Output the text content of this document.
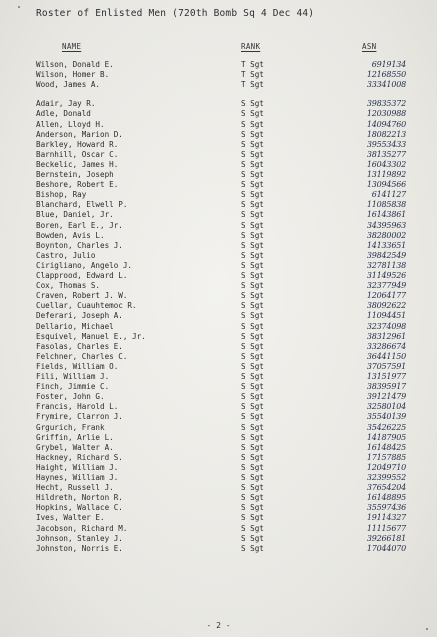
Roster of Enlisted Men (720th Bomb Sq 4 Dec 44)
NAME	RANK	ASN
Wilson, Donald E.	T Sgt	6919134
Wilson, Homer B.	T Sgt	12168550
Wood, James A.	T Sgt	33341008
Adair, Jay R.	S Sgt	39835372
Adle, Donald	S Sgt	12030988
Allen, Lloyd H.	S Sgt	14094760
Anderson, Marion D.	S Sgt	18082213
Barkley, Howard R.	S Sgt	39553433
Barnhill, Oscar C.	S Sgt	38135277
Beckelic, James H.	S Sgt	16043302
Bernstein, Joseph	S Sgt	13119892
Beshore, Robert E.	S Sgt	13094566
Bishop, Ray	S Sgt	6141127
Blanchard, Elwell P.	S Sgt	11085838
Blue, Daniel, Jr.	S Sgt	16143861
Boren, Earl E., Jr.	S Sgt	34395963
Bowden, Avis L.	S Sgt	38280002
Boynton, Charles J.	S Sgt	14133651
Castro, Julio	S Sgt	39842549
Cirigliano, Angelo J.	S Sgt	32781138
Clapprood, Edward L.	S Sgt	31149526
Cox, Thomas S.	S Sgt	32377949
Craven, Robert J. W.	S Sgt	12064177
Cuellar, Cuauhtemoc R.	S Sgt	38092622
Deferari, Joseph A.	S Sgt	11094451
Dellario, Michael	S Sgt	32374098
Esquivel, Manuel E., Jr.	S Sgt	38312961
Fasolas, Charles E.	S Sgt	33286674
Felchner, Charles C.	S Sgt	36441150
Fields, William O.	S Sgt	37057591
Fili, William J.	S Sgt	13151977
Finch, Jimmie C.	S Sgt	38395917
Foster, John G.	S Sgt	39121479
Francis, Harold L.	S Sgt	32580104
Frymire, Clarron J.	S Sgt	35540139
Grgurich, Frank	S Sgt	35426225
Griffin, Arlie L.	S Sgt	14187905
Grybel, Walter A.	S Sgt	16148425
Hackney, Richard S.	S Sgt	17157885
Haight, William J.	S Sgt	12049710
Haynes, William J.	S Sgt	32399552
Hecht, Russell J.	S Sgt	37654204
Hildreth, Norton R.	S Sgt	16148895
Hopkins, Wallace C.	S Sgt	35597436
Ives, Walter E.	S Sgt	19114327
Jacobson, Richard M.	S Sgt	11115677
Johnson, Stanley J.	S Sgt	39266181
Johnston, Norris E.	S Sgt	17044070
- 2 -
